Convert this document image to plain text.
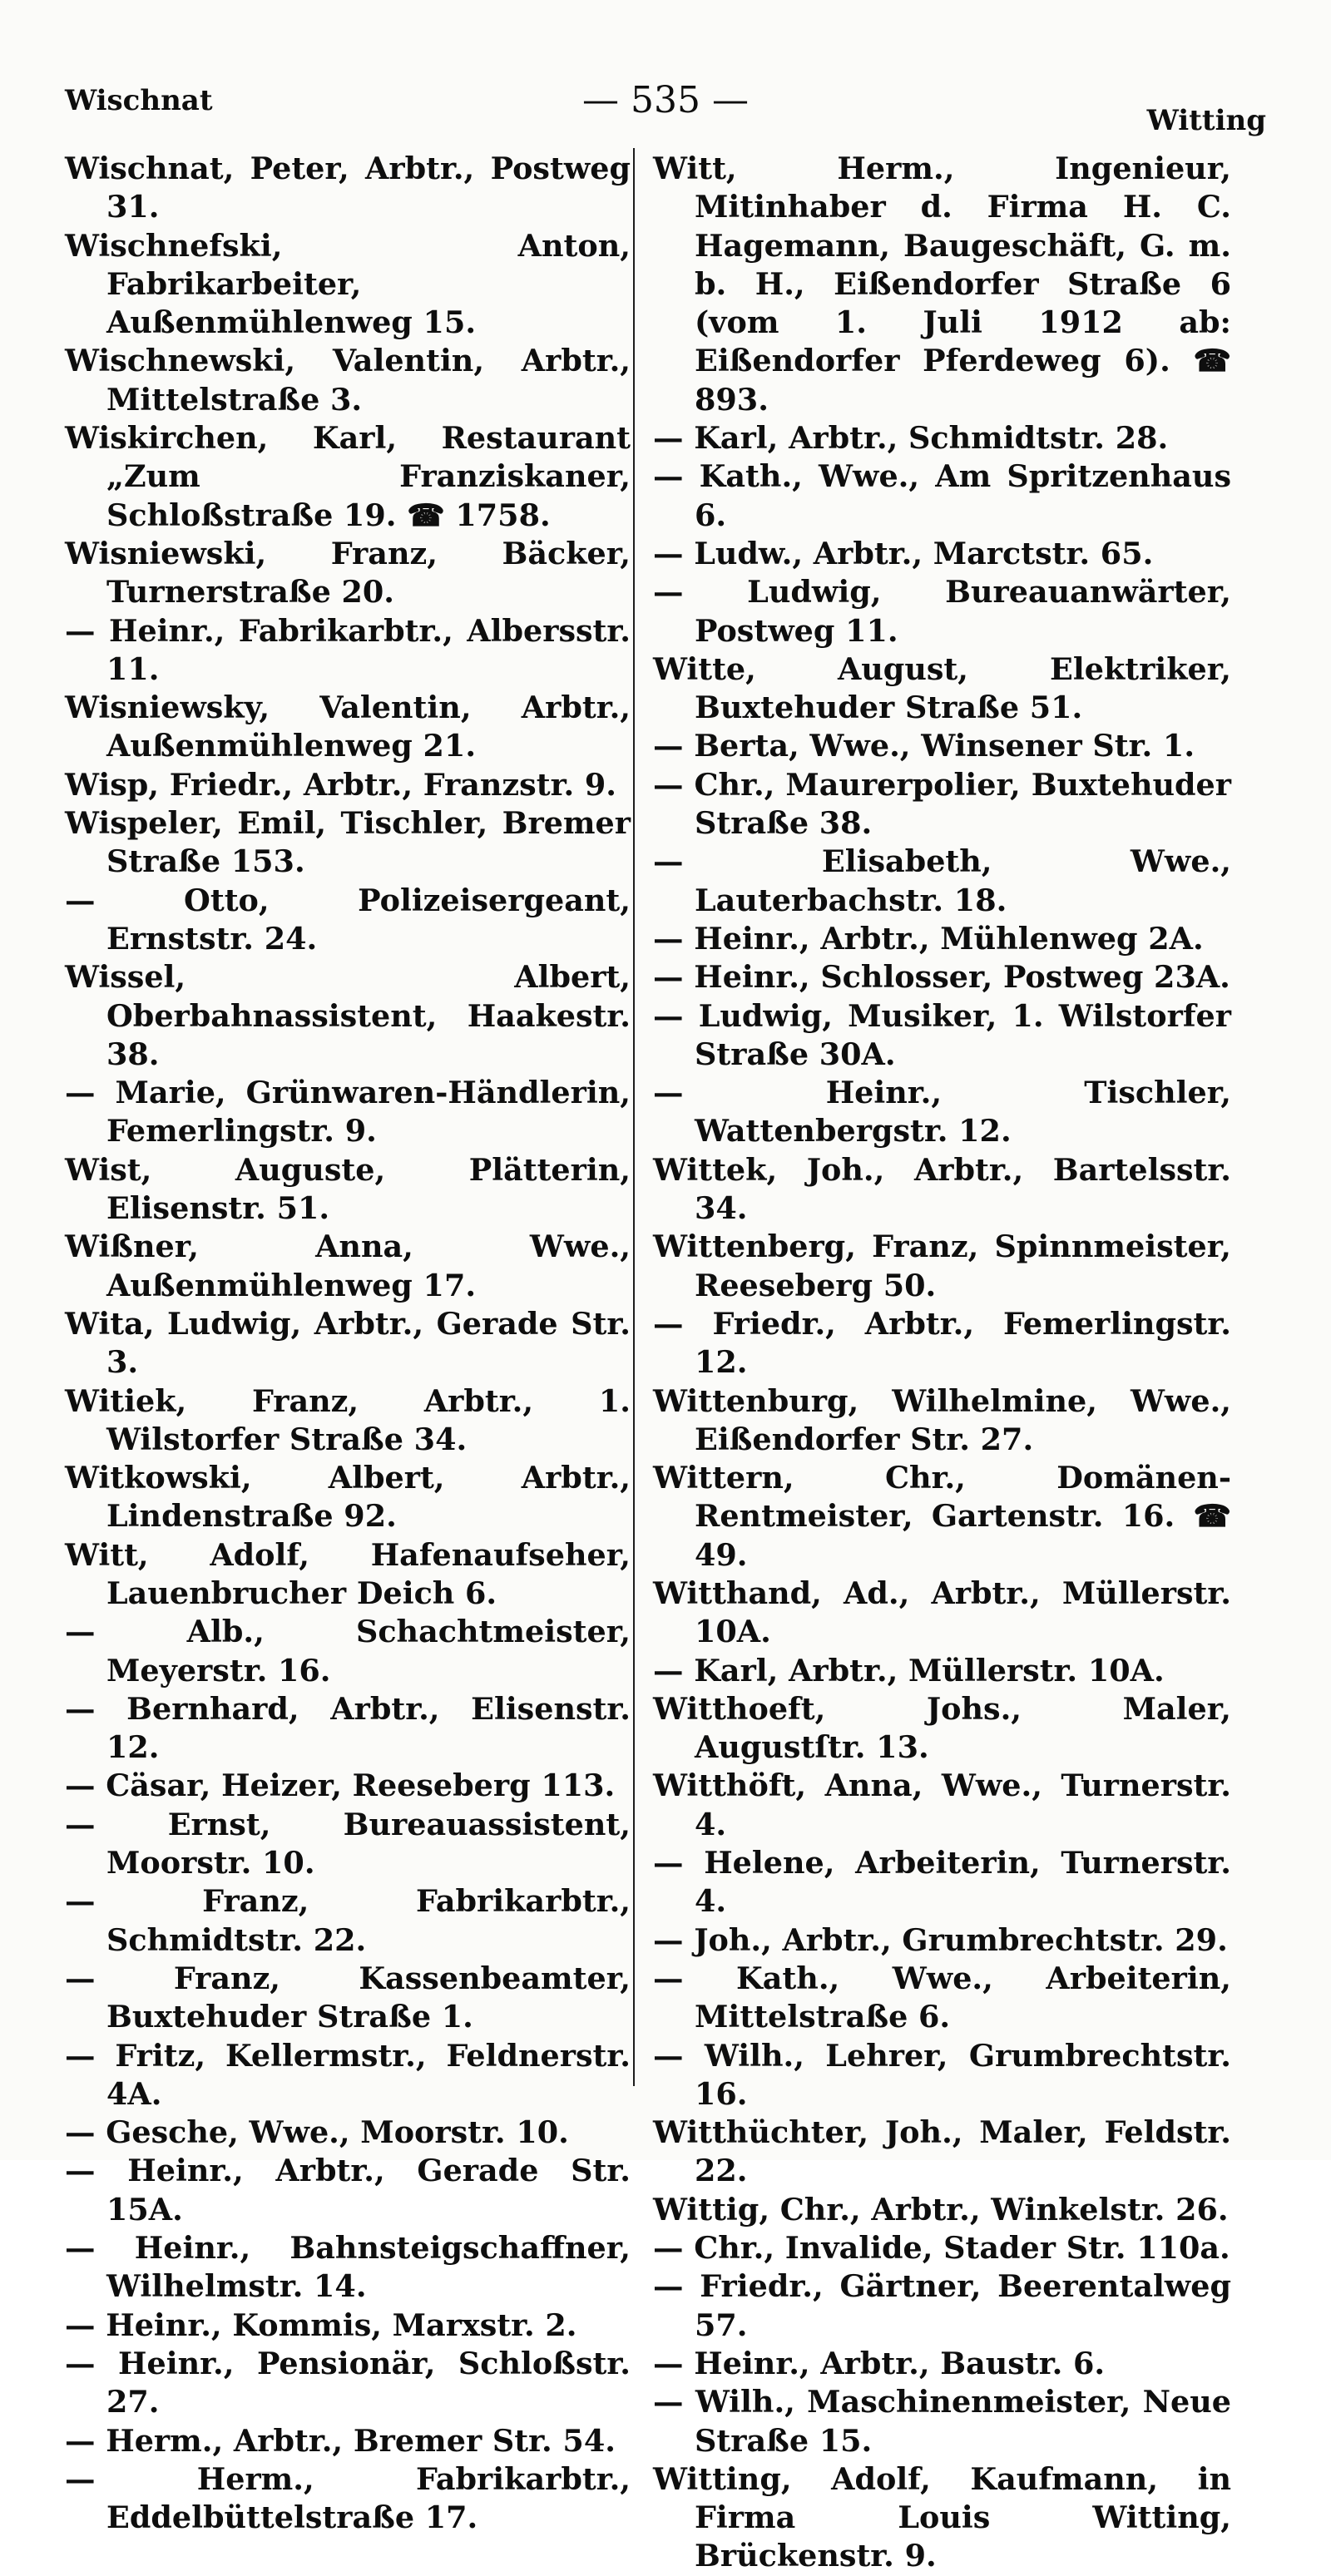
Wischnat	— 535 —	Witting

Wischnat, Peter, Arbtr., Postweg 31.

Wischnefski, Anton, Fabrikarbeiter, Außenmühlenweg 15.

Wischnewski, Valentin, Arbtr., Mittelstraße 3.

Wiskirchen, Karl, Restaurant „Zum Franziskaner, Schloßstraße 19. ☎ 1758.

Wisniewski, Franz, Bäcker, Turnerstraße 20.

— Heinr., Fabrikarbtr., Albersstr. 11.

Wisniewsky, Valentin, Arbtr., Außenmühlenweg 21.

Wisp, Friedr., Arbtr., Franzstr. 9.

Wispeler, Emil, Tischler, Bremer Straße 153.

— Otto, Polizeisergeant, Ernststr. 24.

Wissel, Albert, Oberbahnassistent, Haakestr. 38.

— Marie, Grünwaren-Händlerin, Femerlingstr. 9.

Wist, Auguste, Plätterin, Elisenstr. 51.

Wißner, Anna, Wwe., Außenmühlenweg 17.

Wita, Ludwig, Arbtr., Gerade Str. 3.

Witiek, Franz, Arbtr., 1. Wilstorfer Straße 34.

Witkowski, Albert, Arbtr., Lindenstraße 92.

Witt, Adolf, Hafenaufseher, Lauenbrucher Deich 6.

— Alb., Schachtmeister, Meyerstr. 16.

— Bernhard, Arbtr., Elisenstr. 12.

— Cäsar, Heizer, Reeseberg 113.

— Ernst, Bureauassistent, Moorstr. 10.

— Franz, Fabrikarbtr., Schmidtstr. 22.

— Franz, Kassenbeamter, Buxtehuder Straße 1.

— Fritz, Kellermstr., Feldnerstr. 4A.

— Gesche, Wwe., Moorstr. 10.

— Heinr., Arbtr., Gerade Str. 15A.

— Heinr., Bahnsteigschaffner, Wilhelmstr. 14.

— Heinr., Kommis, Marxstr. 2.

— Heinr., Pensionär, Schloßstr. 27.

— Herm., Arbtr., Bremer Str. 54.

— Herm., Fabrikarbtr., Eddelbüttelstraße 17.

Witt, Herm., Ingenieur, Mitinhaber d. Firma H. C. Hagemann, Baugeschäft, G. m. b. H., Eißendorfer Straße 6 (vom 1. Juli 1912 ab: Eißendorfer Pferdeweg 6). ☎ 893.

— Karl, Arbtr., Schmidtstr. 28.

— Kath., Wwe., Am Spritzenhaus 6.

— Ludw., Arbtr., Marctstr. 65.

— Ludwig, Bureauanwärter, Postweg 11.

Witte, August, Elektriker, Buxtehuder Straße 51.

— Berta, Wwe., Winsener Str. 1.

— Chr., Maurerpolier, Buxtehuder Straße 38.

— Elisabeth, Wwe., Lauterbachstr. 18.

— Heinr., Arbtr., Mühlenweg 2A.

— Heinr., Schlosser, Postweg 23A.

— Ludwig, Musiker, 1. Wilstorfer Straße 30A.

— Heinr., Tischler, Wattenbergstr. 12.

Wittek, Joh., Arbtr., Bartelsstr. 34.

Wittenberg, Franz, Spinnmeister, Reeseberg 50.

— Friedr., Arbtr., Femerlingstr. 12.

Wittenburg, Wilhelmine, Wwe., Eißendorfer Str. 27.

Wittern, Chr., Domänen-Rentmeister, Gartenstr. 16. ☎ 49.

Witthand, Ad., Arbtr., Müllerstr. 10A.

— Karl, Arbtr., Müllerstr. 10A.

Witthoeft, Johs., Maler, Augustſtr. 13.

Witthöft, Anna, Wwe., Turnerstr. 4.

— Helene, Arbeiterin, Turnerstr. 4.

— Joh., Arbtr., Grumbrechtstr. 29.

— Kath., Wwe., Arbeiterin, Mittelstraße 6.

— Wilh., Lehrer, Grumbrechtstr. 16.

Witthüchter, Joh., Maler, Feldstr. 22.

Wittig, Chr., Arbtr., Winkelstr. 26.

— Chr., Invalide, Stader Str. 110a.

— Friedr., Gärtner, Beerentalweg 57.

— Heinr., Arbtr., Baustr. 6.

— Wilh., Maschinenmeister, Neue Straße 15.

Witting, Adolf, Kaufmann, in Firma Louis Witting, Brückenstr. 9.
